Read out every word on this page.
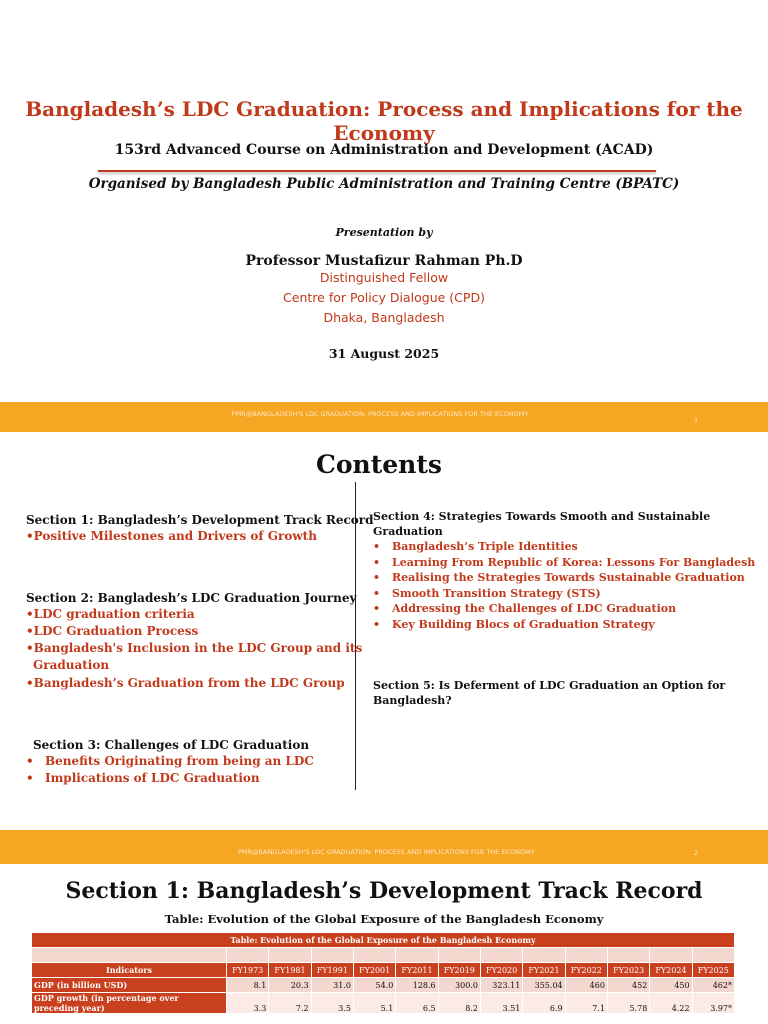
Bangladesh’s LDC Graduation: Process and Implications for the Economy
153rd Advanced Course on Administration and Development (ACAD)
Organised by Bangladesh Public Administration and Training Centre (BPATC)
Presentation by
Professor Mustafizur Rahman Ph.D
Distinguished Fellow
Centre for Policy Dialogue (CPD)
Dhaka, Bangladesh
31 August 2025
PMR@BANGLADESH'S LDC GRADUATION: PROCESS AND IMPLICATIONS FOR THE ECONOMY
1
Contents
Section 1: Bangladesh’s Development Track Record
•Positive Milestones and Drivers of Growth
Section 2: Bangladesh’s LDC Graduation Journey
•LDC graduation criteria
•LDC Graduation Process
•Bangladesh's Inclusion in the LDC Group and its
Graduation
•Bangladesh’s Graduation from the LDC Group
Section 3: Challenges of LDC Graduation
• Benefits Originating from being an LDC
• Implications of LDC Graduation
Section 4: Strategies Towards Smooth and Sustainable
Graduation
• Bangladesh’s Triple Identities
• Learning From Republic of Korea: Lessons For Bangladesh
• Realising the Strategies Towards Sustainable Graduation
• Smooth Transition Strategy (STS)
• Addressing the Challenges of LDC Graduation
• Key Building Blocs of Graduation Strategy
Section 5: Is Deferment of LDC Graduation an Option for
Bangladesh?
PMR@BANGLADESH'S LDC GRADUATION: PROCESS AND IMPLICATIONS FOR THE ECONOMY	2
Section 1: Bangladesh’s Development Track Record
Table: Evolution of the Global Exposure of the Bangladesh Economy
Table: Evolution of the Global Exposure of the Bangladesh Economy												

Indicators	FY1973	FY1981	FY1991	FY2001	FY2011	FY2019	FY2020	FY2021	FY2022	FY2023	FY2024	FY2025
GDP (in billion USD)	8.1	20.3	31.0	54.0	128.6	300.0	323.11	355.04	460	452	450	462*
GDP growth (in percentage over preceding year)	3.3	7.2	3.5	5.1	6.5	8.2	3.51	6.9	7.1	5.78	4.22	3.97*
